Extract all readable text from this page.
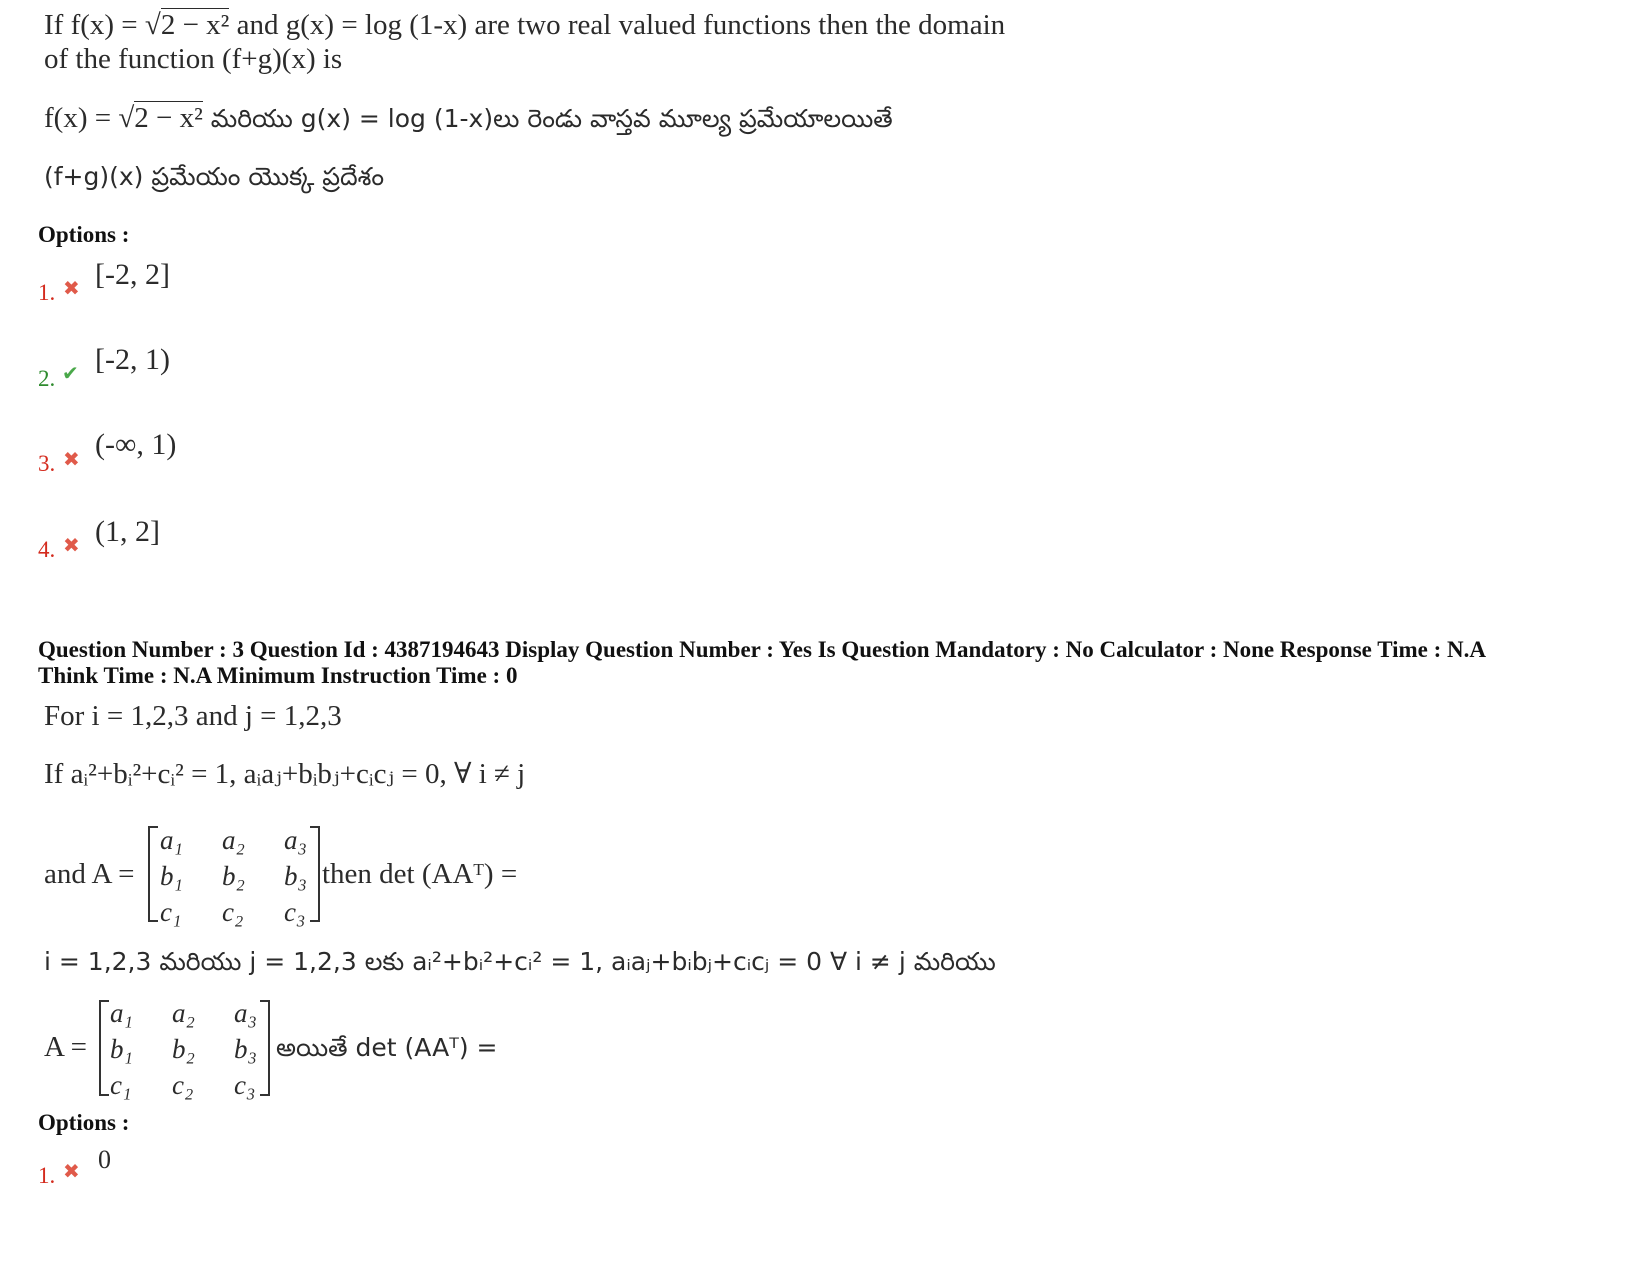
If f(x) = √2 − x² and g(x) = log (1-x) are two real valued functions then the domain
of the function (f+g)(x) is
f(x) = √2 − x² మరియు g(x) = log (1-x)లు రెండు వాస్తవ మూల్య ప్రమేయాలయితే
(f+g)(x) ప్రమేయం యొక్క ప్రదేశం
Options :
1. ✖ [-2, 2]
2. ✔ [-2, 1)
3. ✖ (-∞, 1)
4. ✖ (1, 2]
Question Number : 3 Question Id : 4387194643 Display Question Number : Yes Is Question Mandatory : No Calculator : None Response Time : N.A
Think Time : N.A Minimum Instruction Time : 0
For i = 1,2,3 and j = 1,2,3
If aᵢ²+bᵢ²+cᵢ² = 1, aᵢaⱼ+bᵢbⱼ+cᵢcⱼ = 0, ∀ i ≠ j
and A =
a₁	a₂	a₃
b₁	b₂	b₃
c₁	c₂	c₃
then det (AAᵀ) =
i = 1,2,3 మరియు j = 1,2,3 లకు aᵢ²+bᵢ²+cᵢ² = 1, aᵢaⱼ+bᵢbⱼ+cᵢcⱼ = 0 ∀ i ≠ j మరియు
A =
a₁	a₂	a₃
b₁	b₂	b₃
c₁	c₂	c₃
అయితే det (AAᵀ) =
Options :
1. ✖ 0
